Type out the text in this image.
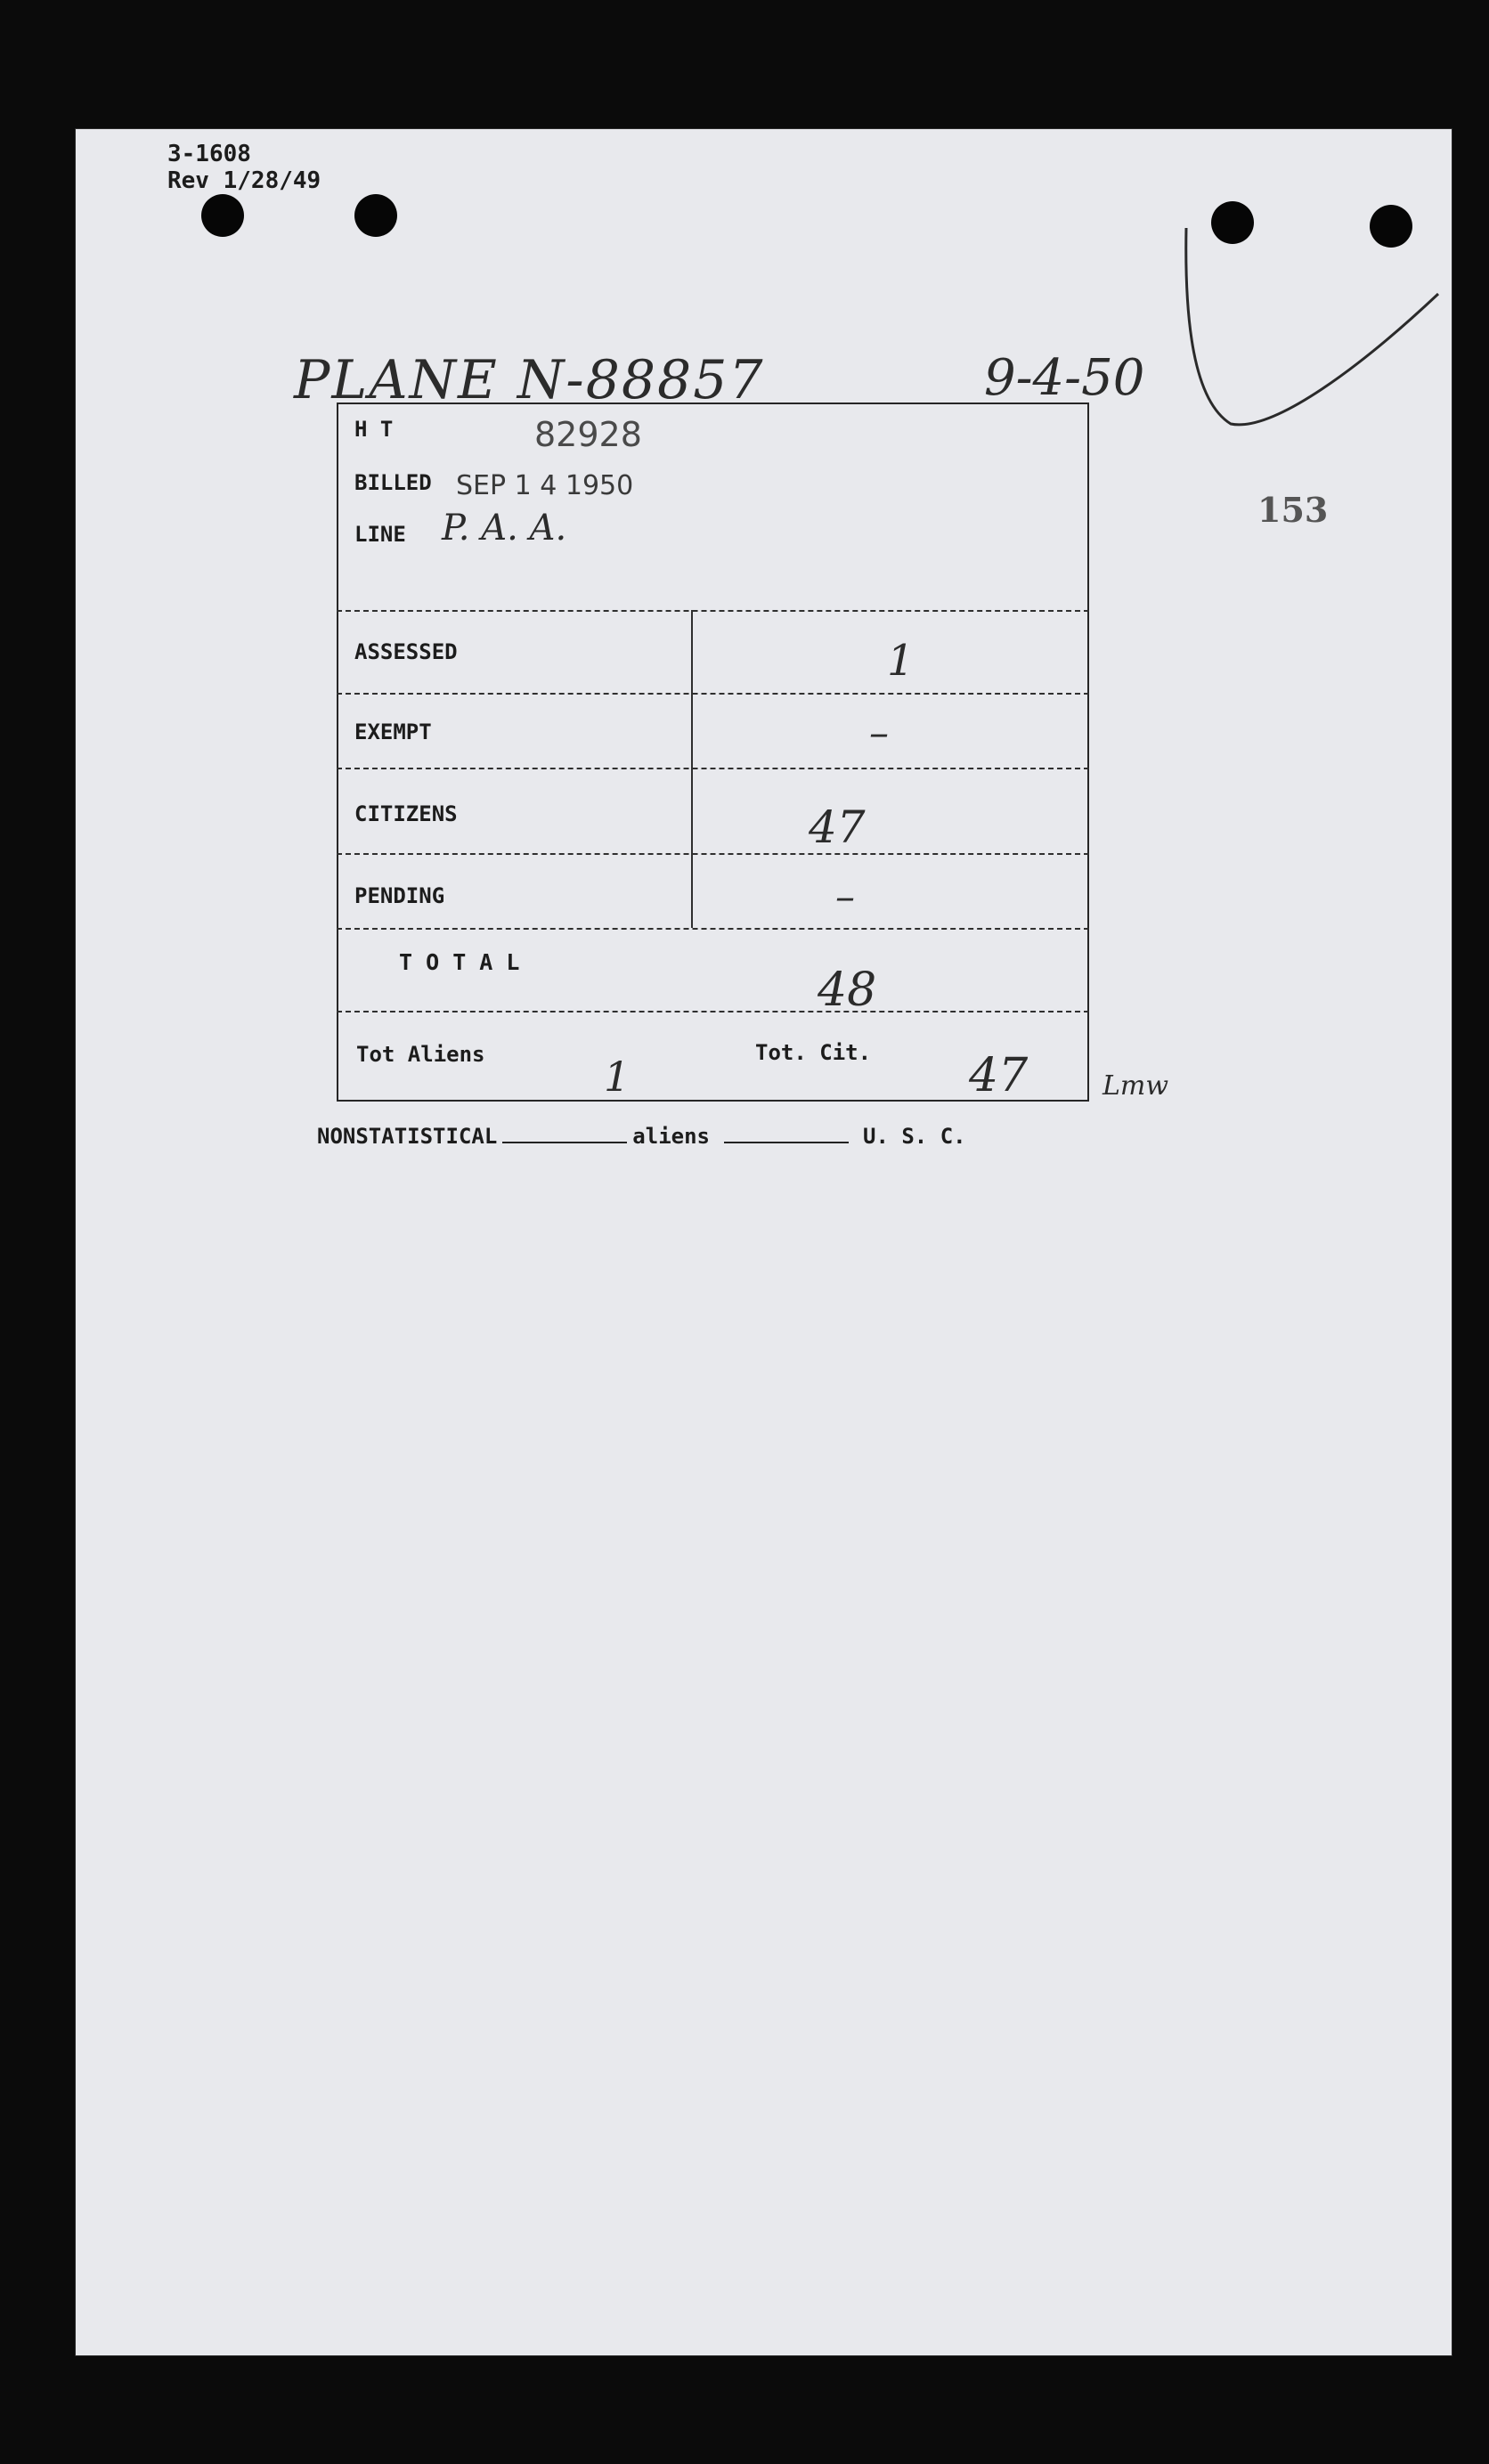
3-1608
Rev 1/28/49
PLANE N-88857	9-4-50
153
H T	82928
BILLED SEP 1 4 1950
LINE P. A. A.
ASSESSED	1
EXEMPT	–
CITIZENS	47
PENDING	–
T O T A L
48
Tot Aliens	1	Tot. Cit. 47	Lmw
NONSTATISTICAL	aliens	U. S. C.
